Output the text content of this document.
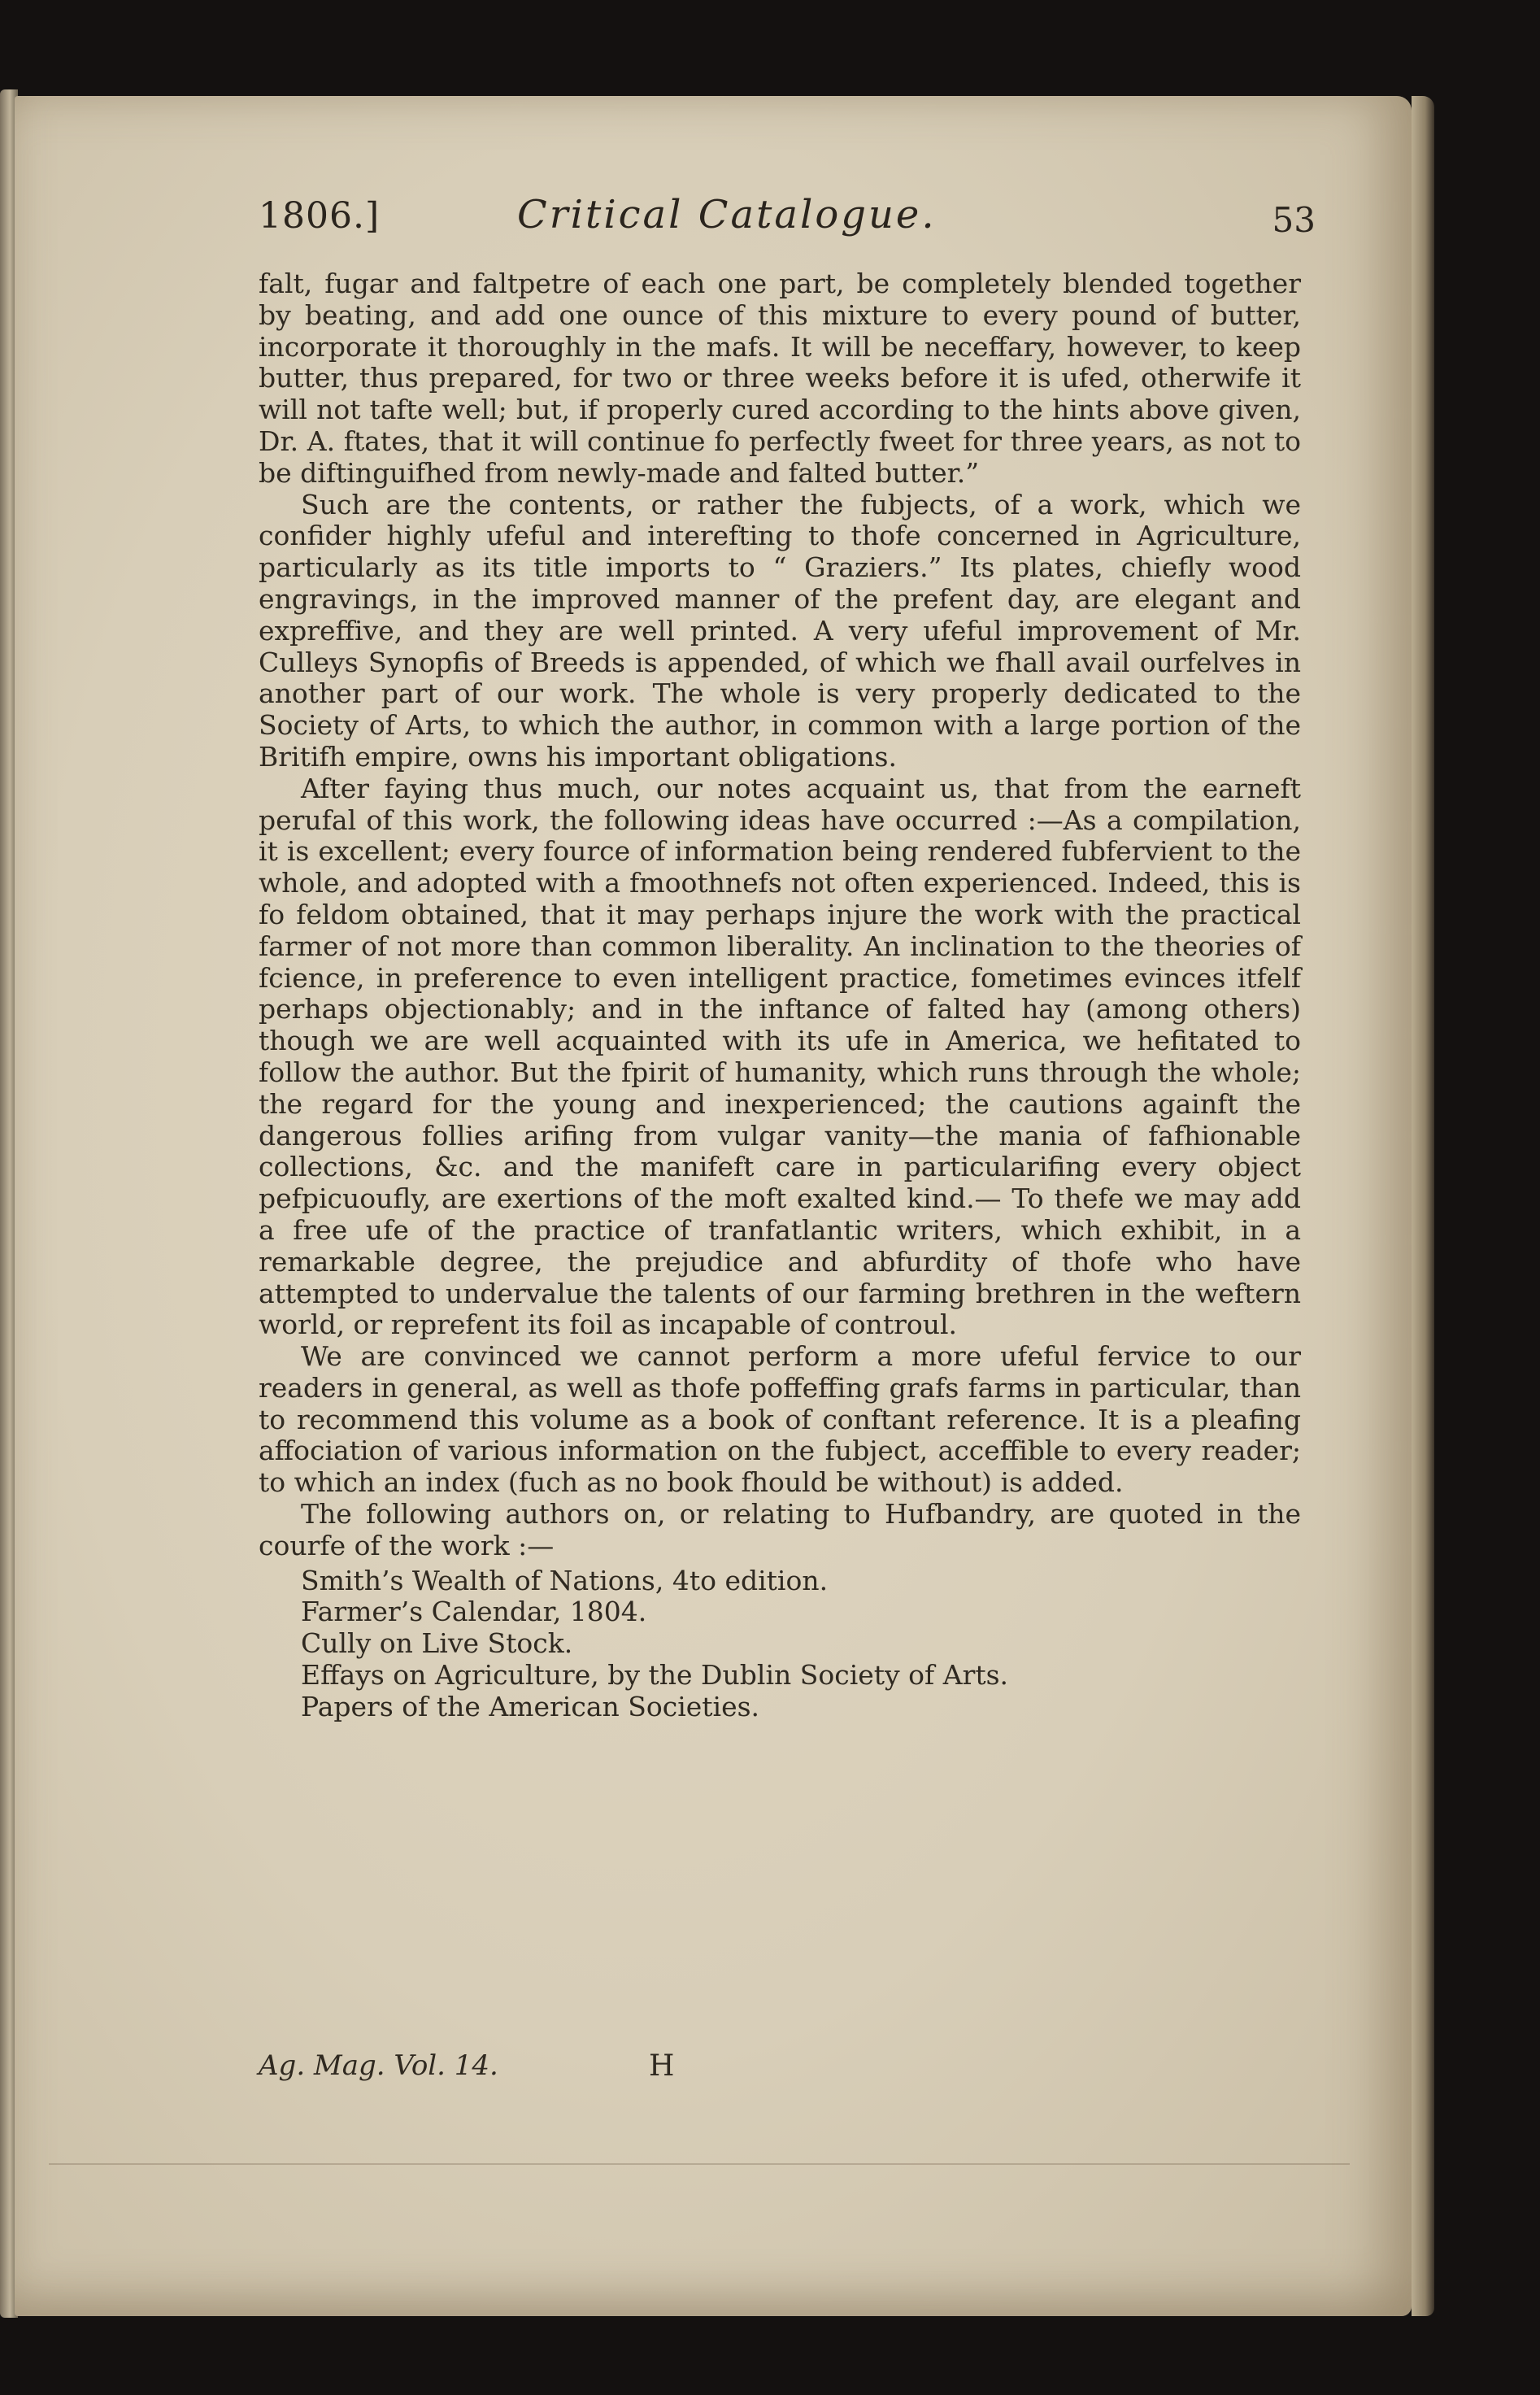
1806.]	Critical Catalogue.	53

falt, fugar and faltpetre of each one part, be completely blended together by beating, and add one ounce of this mixture to every pound of butter, incorporate it thoroughly in the mafs. It will be neceffary, however, to keep butter, thus prepared, for two or three weeks before it is ufed, otherwife it will not tafte well; but, if properly cured according to the hints above given, Dr. A. ftates, that it will continue fo perfectly fweet for three years, as not to be diftinguifhed from newly-made and falted butter.”

Such are the contents, or rather the fubjects, of a work, which we confider highly ufeful and interefting to thofe concerned in Agriculture, particularly as its title imports to “ Graziers.” Its plates, chiefly wood engravings, in the improved manner of the prefent day, are elegant and expreffive, and they are well printed. A very ufeful improvement of Mr. Culleys Synopfis of Breeds is appended, of which we fhall avail ourfelves in another part of our work. The whole is very properly dedicated to the Society of Arts, to which the author, in common with a large portion of the Britifh empire, owns his important obligations.

After faying thus much, our notes acquaint us, that from the earneft perufal of this work, the following ideas have occurred :—As a compilation, it is excellent; every fource of information being rendered fubfervient to the whole, and adopted with a fmoothnefs not often experienced. Indeed, this is fo feldom obtained, that it may perhaps injure the work with the practical farmer of not more than common liberality. An inclination to the theories of fcience, in preference to even intelligent practice, fometimes evinces itfelf perhaps objectionably; and in the inftance of falted hay (among others) though we are well acquainted with its ufe in America, we hefitated to follow the author. But the fpirit of humanity, which runs through the whole; the regard for the young and inexperienced; the cautions againft the dangerous follies arifing from vulgar vanity—the mania of fafhionable collections, &c. and the manifeft care in particularifing every object pefpicuoufly, are exertions of the moft exalted kind.— To thefe we may add a free ufe of the practice of tranfatlantic writers, which exhibit, in a remarkable degree, the prejudice and abfurdity of thofe who have attempted to undervalue the talents of our farming brethren in the weftern world, or reprefent its foil as incapable of controul.

We are convinced we cannot perform a more ufeful fervice to our readers in general, as well as thofe poffeffing grafs farms in particular, than to recommend this volume as a book of conftant reference. It is a pleafing affociation of various information on the fubject, acceffible to every reader; to which an index (fuch as no book fhould be without) is added.

The following authors on, or relating to Hufbandry, are quoted in the courfe of the work :—

Smith’s Wealth of Nations, 4to edition.
Farmer’s Calendar, 1804.
Cully on Live Stock.
Effays on Agriculture, by the Dublin Society of Arts.
Papers of the American Societies.
Ag. Mag. Vol. 14.	H
